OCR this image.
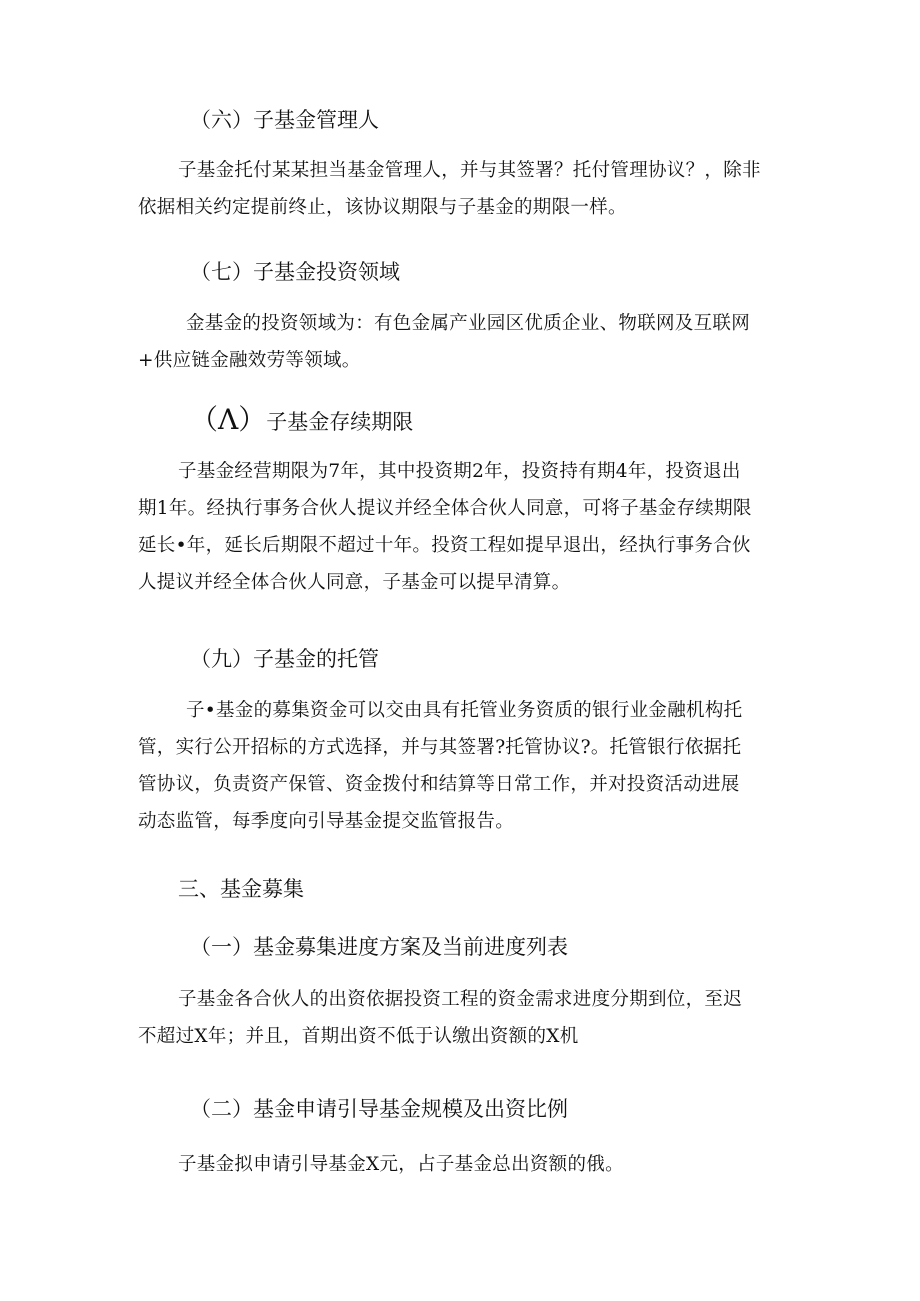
（六）子基金管理人
子基金托付某某担当基金管理人，并与其签署？托付管理协议？，除非
依据相关约定提前终止，该协议期限与子基金的期限一样。
（七）子基金投资领域
金基金的投资领域为：有色金属产业园区优质企业、物联网及互联网
+供应链金融效劳等领域。
（Λ）子基金存续期限
子基金经营期限为7年，其中投资期2年，投资持有期4年，投资退出
期1年。经执行事务合伙人提议并经全体合伙人同意，可将子基金存续期限
延长•年，延长后期限不超过十年。投资工程如提早退出，经执行事务合伙
人提议并经全体合伙人同意，子基金可以提早清算。
（九）子基金的托管
子•基金的募集资金可以交由具有托管业务资质的银行业金融机构托
管，实行公开招标的方式选择，并与其签署?托管协议?。托管银行依据托
管协议，负责资产保管、资金拨付和结算等日常工作，并对投资活动进展
动态监管，每季度向引导基金提交监管报告。
三、基金募集
（一）基金募集进度方案及当前进度列表
子基金各合伙人的出资依据投资工程的资金需求进度分期到位，至迟
不超过X年；并且，首期出资不低于认缴出资额的X机
（二）基金申请引导基金规模及出资比例
子基金拟申请引导基金X元，占子基金总出资额的俄。
